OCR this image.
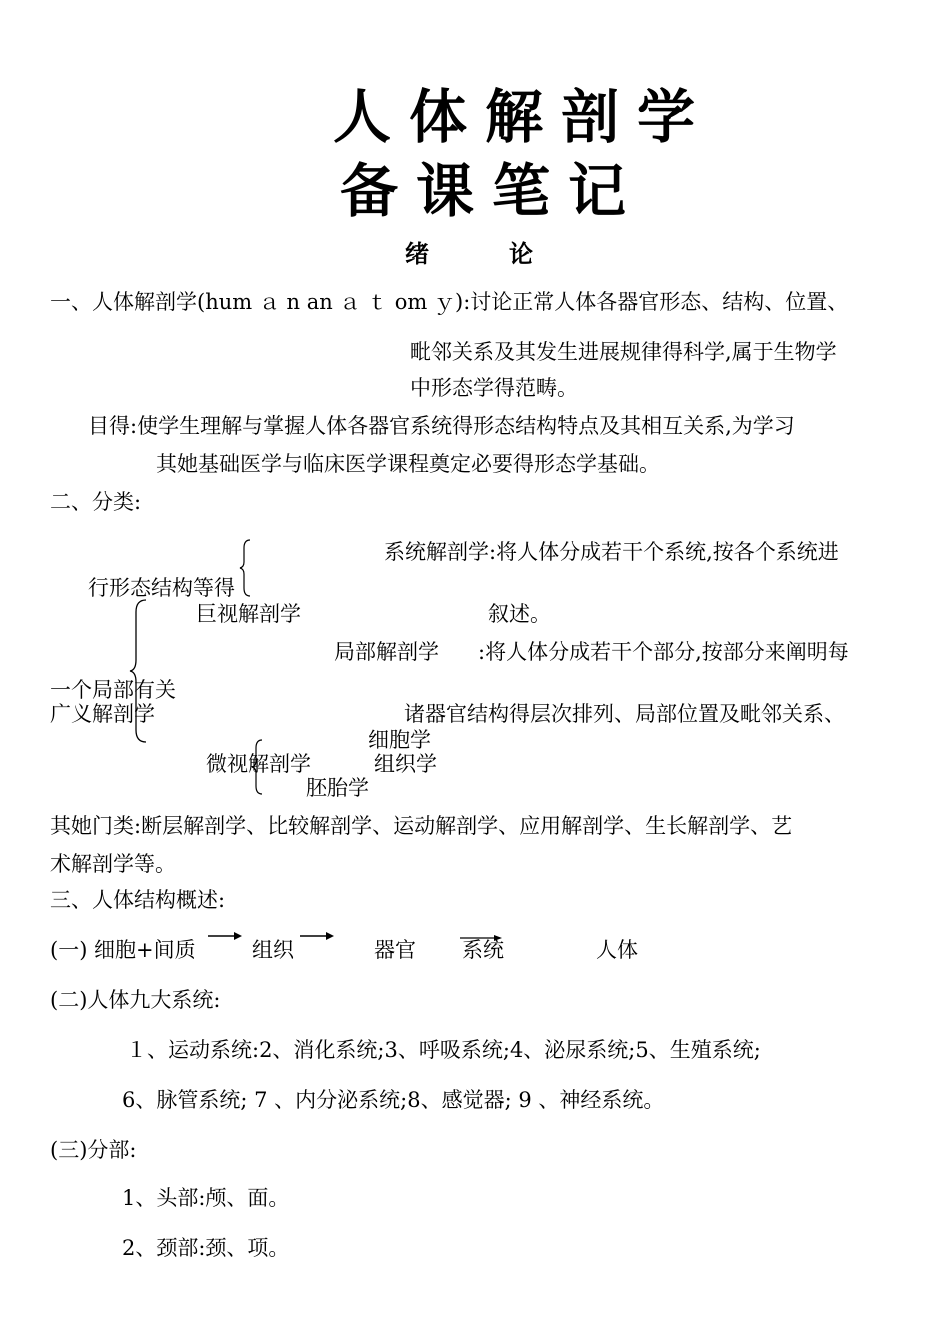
人体解剖学
备课笔记
绪论
一、人体解剖学(hum ａ n an ａ ｔ om ｙ):讨论正常人体各器官形态、结构、位置、
毗邻关系及其发生进展规律得科学,属于生物学
中形态学得范畴。
目得:使学生理解与掌握人体各器官系统得形态结构特点及其相互关系,为学习
其她基础医学与临床医学课程奠定必要得形态学基础。
二、分类:
系统解剖学:将人体分成若干个系统,按各个系统进
行形态结构等得
巨视解剖学	叙述。
局部解剖学 :将人体分成若干个部分,按部分来阐明每
一个局部有关
广义解剖学	诸器官结构得层次排列、局部位置及毗邻关系、
细胞学
微视解剖学	组织学
胚胎学
其她门类:断层解剖学、比较解剖学、运动解剖学、应用解剖学、生长解剖学、艺
术解剖学等。
三、人体结构概述:
(一) 细胞+间质	组织	器官 系统	人体
(二)人体九大系统:
１、运动系统:2、消化系统;3、呼吸系统;4、泌尿系统;5、生殖系统;
6、脉管系统; 7 、内分泌系统;8、感觉器; 9 、神经系统。
(三)分部:
1、头部:颅、面。
2、颈部:颈、项。
